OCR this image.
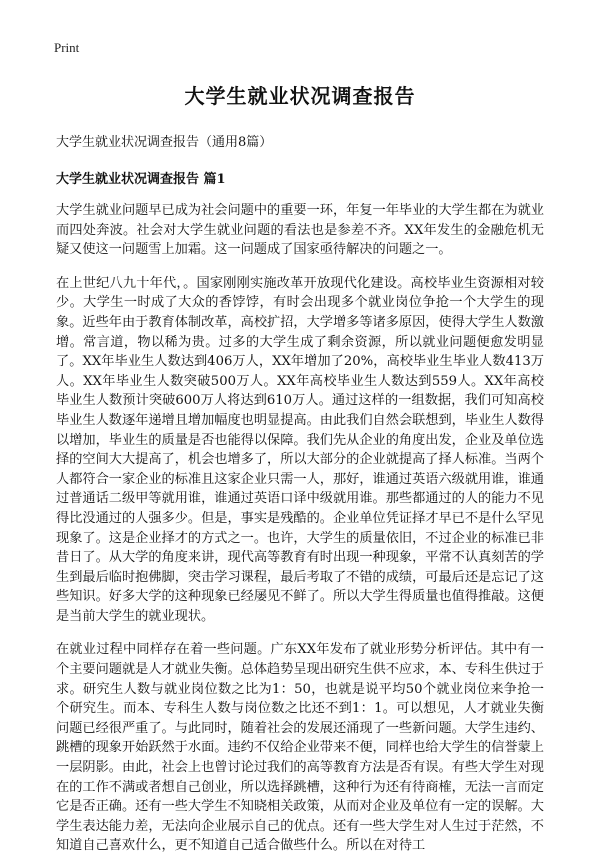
Print
大学生就业状况调查报告
大学生就业状况调查报告（通用8篇）
大学生就业状况调查报告 篇1

大学生就业问题早已成为社会问题中的重要一环，年复一年毕业的大学生都在为就业而四处奔波。社会对大学生就业问题的看法也是参差不齐。XX年发生的金融危机无疑又使这一问题雪上加霜。这一问题成了国家亟待解决的问题之一。

在上世纪八九十年代，。国家刚刚实施改革开放现代化建设。高校毕业生资源相对较少。大学生一时成了大众的香饽饽，有时会出现多个就业岗位争抢一个大学生的现象。近些年由于教育体制改革，高校扩招，大学增多等诸多原因，使得大学生人数激增。常言道，物以稀为贵。过多的大学生成了剩余资源，所以就业问题便愈发明显了。XX年毕业生人数达到406万人，XX年增加了20%，高校毕业生毕业人数413万人。XX年毕业生人数突破500万人。XX年高校毕业生人数达到559人。XX年高校毕业生人数预计突破600万人将达到610万人。通过这样的一组数据，我们可知高校毕业生人数逐年递增且增加幅度也明显提高。由此我们自然会联想到，毕业生人数得以增加，毕业生的质量是否也能得以保障。我们先从企业的角度出发，企业及单位选择的空间大大提高了，机会也增多了，所以大部分的企业就提高了择人标准。当两个人都符合一家企业的标准且这家企业只需一人，那好，谁通过英语六级就用谁，谁通过普通话二级甲等就用谁，谁通过英语口译中级就用谁。那些都通过的人的能力不见得比没通过的人强多少。但是，事实是残酷的。企业单位凭证择才早已不是什么罕见现象了。这是企业择才的方式之一。也许，大学生的质量依旧，不过企业的标准已非昔日了。从大学的角度来讲，现代高等教育有时出现一种现象，平常不认真刻苦的学生到最后临时抱佛脚，突击学习课程，最后考取了不错的成绩，可最后还是忘记了这些知识。好多大学的这种现象已经屡见不鲜了。所以大学生得质量也值得推敲。这便是当前大学生的就业现状。

在就业过程中同样存在着一些问题。广东XX年发布了就业形势分析评估。其中有一个主要问题就是人才就业失衡。总体趋势呈现出研究生供不应求，本、专科生供过于求。研究生人数与就业岗位数之比为1：50，也就是说平均50个就业岗位来争抢一个研究生。而本、专科生人数与岗位数之比还不到1：1。可以想见，人才就业失衡问题已经很严重了。与此同时，随着社会的发展还涌现了一些新问题。大学生违约、跳槽的现象开始跃然于水面。违约不仅给企业带来不便，同样也给大学生的信誉蒙上一层阴影。由此，社会上也曾讨论过我们的高等教育方法是否有误。有些大学生对现在的工作不满或者想自己创业，所以选择跳槽，这种行为还有待商榷，无法一言而定它是否正确。还有一些大学生不知晓相关政策，从而对企业及单位有一定的误解。大学生表达能力差，无法向企业展示自己的优点。还有一些大学生对人生过于茫然，不知道自己喜欢什么，更不知道自己适合做些什么。所以在对待工
